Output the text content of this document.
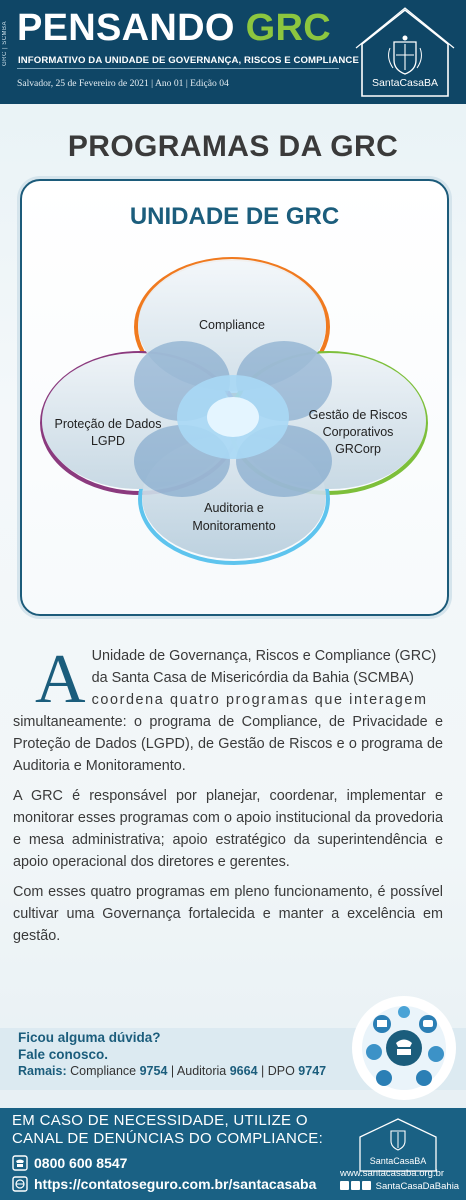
GRC | SCMBA PENSANDO GRC
INFORMATIVO DA UNIDADE DE GOVERNANÇA, RISCOS E COMPLIANCE
Salvador, 25 de Fevereiro de 2021 | Ano 01 | Edição 04	SantaCasaBA
PROGRAMAS DA GRC
UNIDADE DE GRC
Compliance
Proteção de Dados
LGPD
Gestão de Riscos
Corporativos
GRCorp
Auditoria e
Monitoramento

A Unidade de Governança, Riscos e Compliance (GRC)
da Santa Casa de Misericórdia da Bahia (SCMBA)
coordena quatro programas que interagem
simultaneamente: o programa de Compliance, de Privacidade e Proteção de Dados (LGPD), de Gestão de Riscos e o programa de Auditoria e Monitoramento.

A GRC é responsável por planejar, coordenar, implementar e monitorar esses programas com o apoio institucional da provedoria e mesa administrativa; apoio estratégico da superintendência e apoio operacional dos diretores e gerentes.

Com esses quatro programas em pleno funcionamento, é possível cultivar uma Governança fortalecida e manter a excelência em gestão.

Ficou alguma dúvida?
Fale conosco.
Ramais: Compliance 9754 | Auditoria 9664 | DPO 9747
EM CASO DE NECESSIDADE, UTILIZE O
CANAL DE DENÚNCIAS DO COMPLIANCE:
0800 600 8547
https://contatoseguro.com.br/santacasaba
SantaCasaBA
www.santacasaba.org.br
SantaCasaDaBahia
